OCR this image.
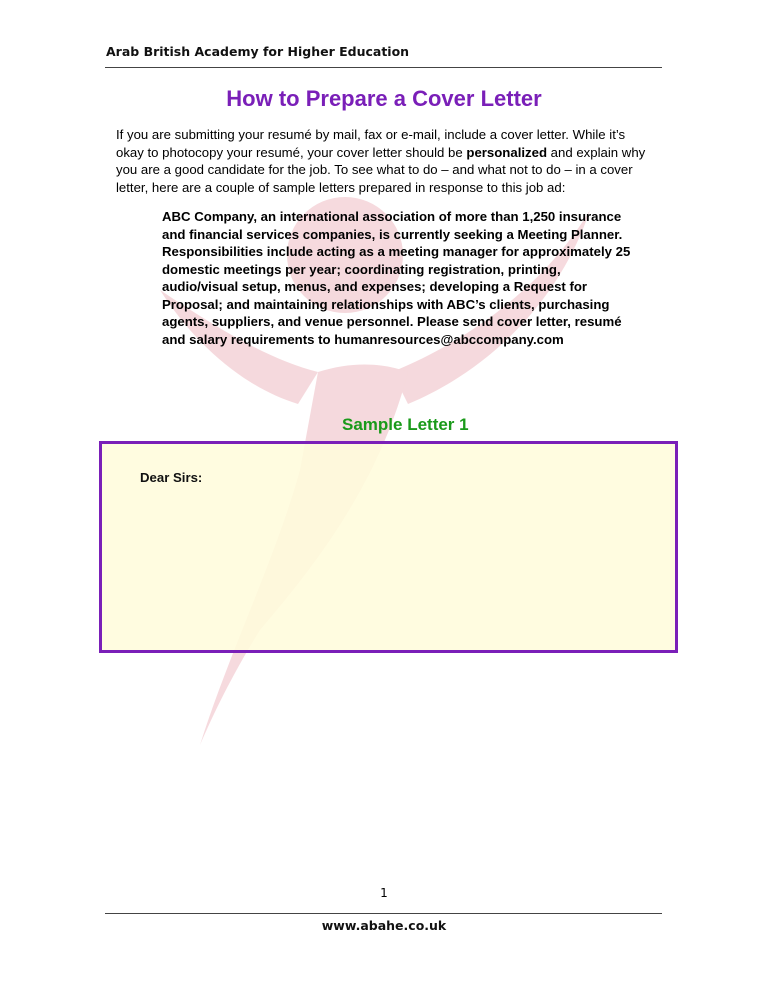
Arab British Academy for Higher Education
How to Prepare a Cover Letter

If you are submitting your resumé by mail, fax or e-mail, include a cover letter. While it’s okay to photocopy your resumé, your cover letter should be personalized and explain why you are a good candidate for the job. To see what to do – and what not to do – in a cover letter, here are a couple of sample letters prepared in response to this job ad:

ABC Company, an international association of more than 1,250 insurance and financial services companies, is currently seeking a Meeting Planner. Responsibilities include acting as a meeting manager for approximately 25 domestic meetings per year; coordinating registration, printing, audio/visual setup, menus, and expenses; developing a Request for Proposal; and maintaining relationships with ABC’s clients, purchasing agents, suppliers, and venue personnel. Please send cover letter, resumé and salary requirements to humanresources@abccompany.com

Sample Letter 1
Dear Sirs:
1
www.abahe.co.uk
